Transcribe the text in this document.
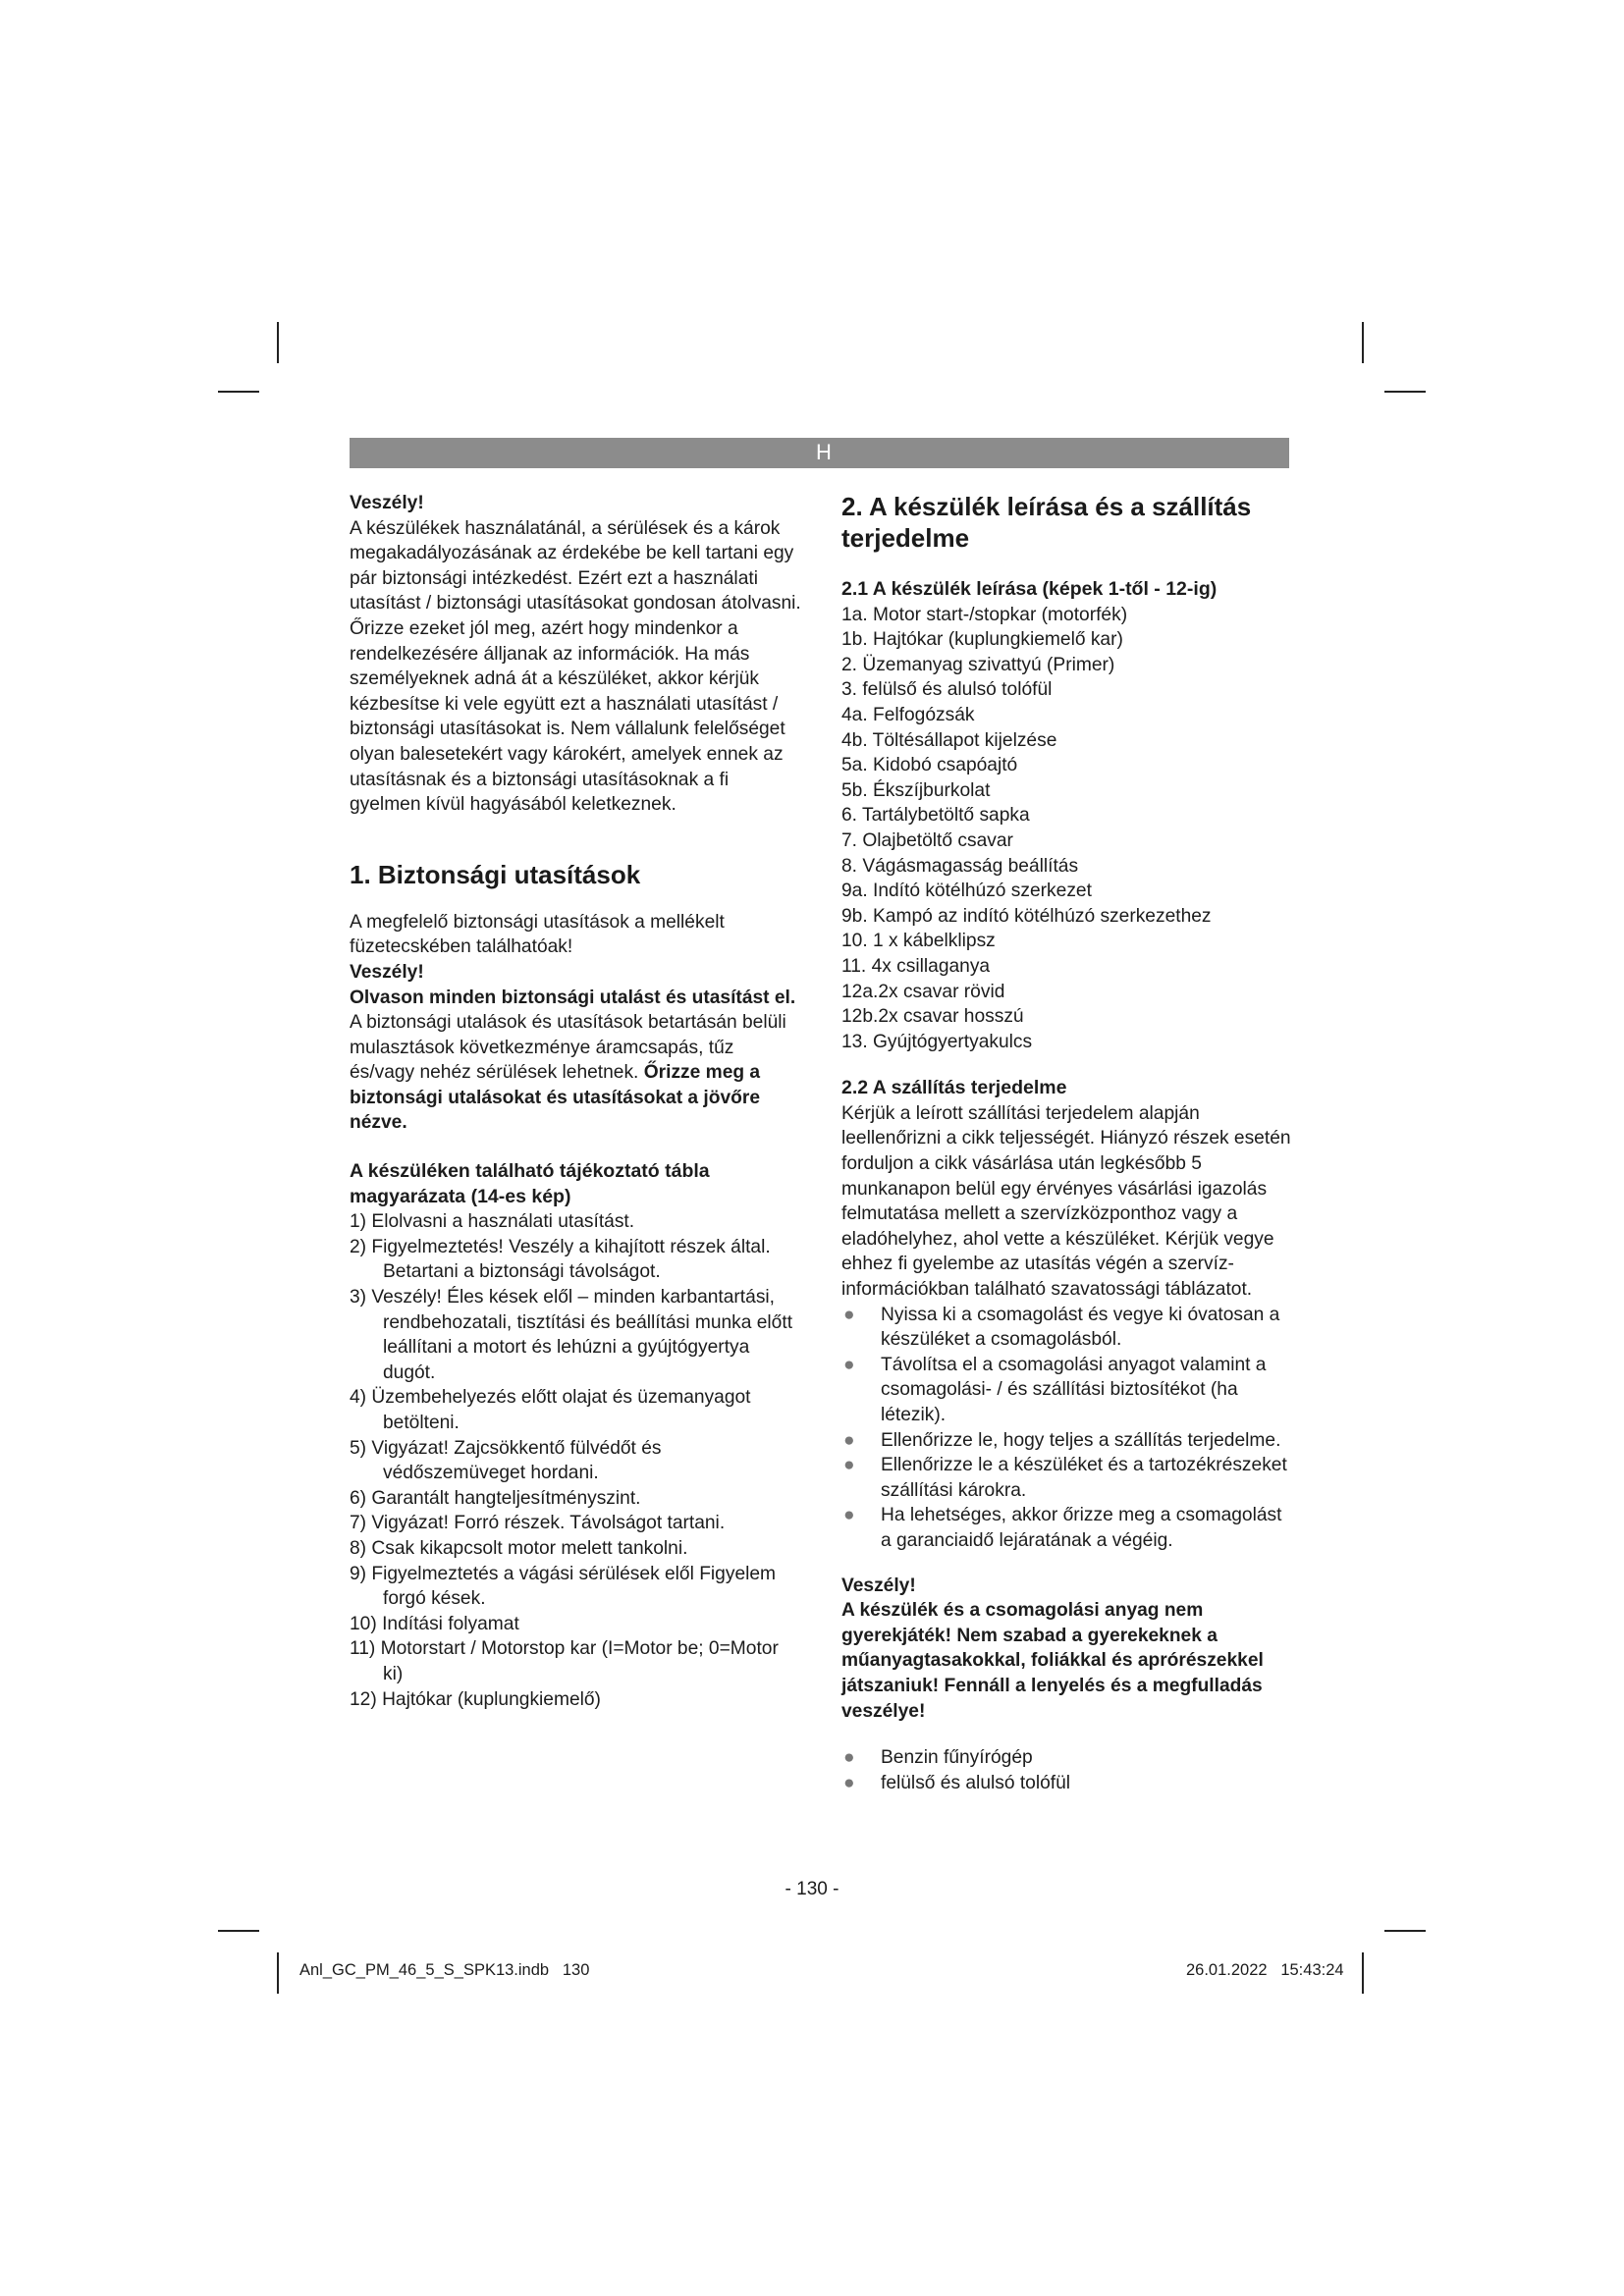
H

Veszély!

A készülékek használatánál, a sérülések és a károk megakadályozásának az érdekébe be kell tartani egy pár biztonsági intézkedést. Ezért ezt a használati utasítást / biztonsági utasításokat gondosan átolvasni. Őrizze ezeket jól meg, azért hogy mindenkor a rendelkezésére álljanak az információk. Ha más személyeknek adná át a készüléket, akkor kérjük kézbesítse ki vele együtt ezt a használati utasítást / biztonsági utasításokat is. Nem vállalunk felelőséget olyan balesetekért vagy károkért, amelyek ennek az utasításnak és a biztonsági utasításoknak a fi gyelmen kívül hagyásából keletkeznek.

1. Biztonsági utasítások

A megfelelő biztonsági utasítások a mellékelt füzetecskében találhatóak!

Veszély!

Olvason minden biztonsági utalást és utasítást el. A biztonsági utalások és utasítások betartásán belüli mulasztások következménye áramcsapás, tűz és/vagy nehéz sérülések lehetnek. Őrizze meg a biztonsági utalásokat és utasításokat a jövőre nézve.

A készüléken található tájékoztató tábla magyarázata (14-es kép)

1) Elolvasni a használati utasítást.
2) Figyelmeztetés! Veszély a kihajított részek által. Betartani a biztonsági távolságot.
3) Veszély! Éles kések elől – minden karbantartási, rendbehozatali, tisztítási és beállítási munka előtt leállítani a motort és lehúzni a gyújtógyertya dugót.
4) Üzembehelyezés előtt olajat és üzemanyagot betölteni.
5) Vigyázat! Zajcsökkentő fülvédőt és védőszemüveget hordani.
6) Garantált hangteljesítményszint.
7) Vigyázat! Forró részek. Távolságot tartani.
8) Csak kikapcsolt motor melett tankolni.
9) Figyelmeztetés a vágási sérülések elől Figyelem forgó kések.
10) Indítási folyamat
11) Motorstart / Motorstop kar (I=Motor be; 0=Motor ki)
12) Hajtókar (kuplungkiemelő)

2. A készülék leírása és a szállítás terjedelme

2.1 A készülék leírása (képek 1-től - 12-ig)

1a. Motor start-/stopkar (motorfék)
1b. Hajtókar (kuplungkiemelő kar)
2. Üzemanyag szivattyú (Primer)
3. felülső és alulsó tolófül
4a. Felfogózsák
4b. Töltésállapot kijelzése
5a. Kidobó csapóajtó
5b. Ékszíjburkolat
6. Tartálybetöltő sapka
7. Olajbetöltő csavar
8. Vágásmagasság beállítás
9a. Indító kötélhúzó szerkezet
9b. Kampó az indító kötélhúzó szerkezethez
10. 1 x kábelklipsz
11. 4x csillaganya
12a.2x csavar rövid
12b.2x csavar hosszú
13. Gyújtógyertyakulcs

2.2 A szállítás terjedelme

Kérjük a leírott szállítási terjedelem alapján leellenőrizni a cikk teljességét. Hiányzó részek esetén forduljon a cikk vásárlása után legkésőbb 5 munkanapon belül egy érvényes vásárlási igazolás felmutatása mellett a szervízközponthoz vagy a eladóhelyhez, ahol vette a készüléket. Kérjük vegye ehhez fi gyelembe az utasítás végén a szervíz-információkban található szavatossági táblázatot.

● Nyissa ki a csomagolást és vegye ki óvatosan a készüléket a csomagolásból.
● Távolítsa el a csomagolási anyagot valamint a csomagolási- / és szállítási biztosítékot (ha létezik).
● Ellenőrizze le, hogy teljes a szállítás terjedelme.
● Ellenőrizze le a készüléket és a tartozékrészeket szállítási károkra.
● Ha lehetséges, akkor őrizze meg a csomagolást a garanciaidő lejáratának a végéig.

Veszély!

A készülék és a csomagolási anyag nem gyerekjáték! Nem szabad a gyerekeknek a műanyagtasakokkal, foliákkal és aprórészekkel játszaniuk! Fennáll a lenyelés és a megfulladás veszélye!

● Benzin fűnyírógép
● felülső és alulsó tolófül
- 130 -
Anl_GC_PM_46_5_S_SPK13.indb   130	26.01.2022   15:43:24
